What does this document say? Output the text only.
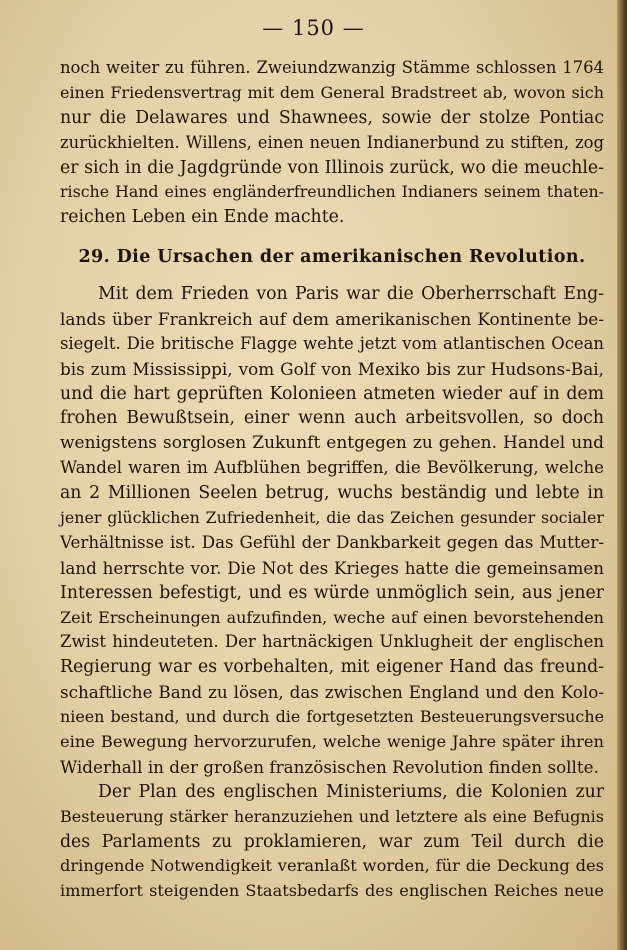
— 150 —
noch weiter zu führen. Zweiundzwanzig Stämme schlossen 1764
einen Friedensvertrag mit dem General Bradstreet ab, wovon sich
nur die Delawares und Shawnees, sowie der stolze Pontiac
zurückhielten. Willens, einen neuen Indianerbund zu stiften, zog
er sich in die Jagdgründe von Illinois zurück, wo die meuchle-
rische Hand eines engländerfreundlichen Indianers seinem thaten-
reichen Leben ein Ende machte.
29. Die Ursachen der amerikanischen Revolution.
Mit dem Frieden von Paris war die Oberherrschaft Eng-
lands über Frankreich auf dem amerikanischen Kontinente be-
siegelt. Die britische Flagge wehte jetzt vom atlantischen Ocean
bis zum Mississippi, vom Golf von Mexiko bis zur Hudsons-Bai,
und die hart geprüften Kolonieen atmeten wieder auf in dem
frohen Bewußtsein, einer wenn auch arbeitsvollen, so doch
wenigstens sorglosen Zukunft entgegen zu gehen. Handel und
Wandel waren im Aufblühen begriffen, die Bevölkerung, welche
an 2 Millionen Seelen betrug, wuchs beständig und lebte in
jener glücklichen Zufriedenheit, die das Zeichen gesunder socialer
Verhältnisse ist. Das Gefühl der Dankbarkeit gegen das Mutter-
land herrschte vor. Die Not des Krieges hatte die gemeinsamen
Interessen befestigt, und es würde unmöglich sein, aus jener
Zeit Erscheinungen aufzufinden, weche auf einen bevorstehenden
Zwist hindeuteten. Der hartnäckigen Unklugheit der englischen
Regierung war es vorbehalten, mit eigener Hand das freund-
schaftliche Band zu lösen, das zwischen England und den Kolo-
nieen bestand, und durch die fortgesetzten Besteuerungsversuche
eine Bewegung hervorzurufen, welche wenige Jahre später ihren
Widerhall in der großen französischen Revolution finden sollte.
Der Plan des englischen Ministeriums, die Kolonien zur
Besteuerung stärker heranzuziehen und letztere als eine Befugnis
des Parlaments zu proklamieren, war zum Teil durch die
dringende Notwendigkeit veranlaßt worden, für die Deckung des
immerfort steigenden Staatsbedarfs des englischen Reiches neue
